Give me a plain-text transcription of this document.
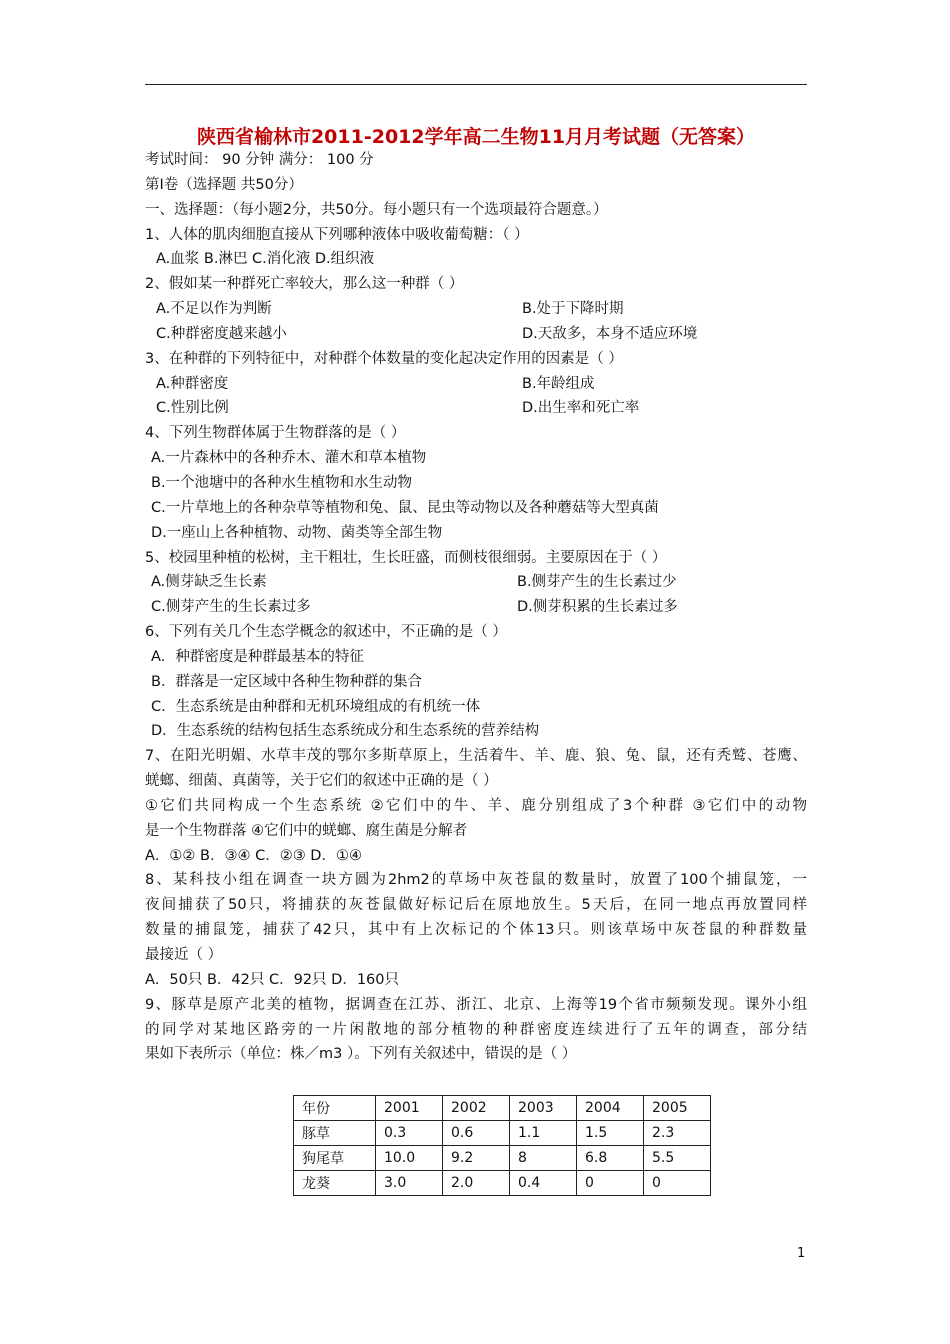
陕西省榆林市2011-2012学年高二生物11月月考试题（无答案）
考试时间： 90 分钟 满分： 100 分
第Ⅰ卷（选择题 共50分）
一、选择题：（每小题2分，共50分。每小题只有一个选项最符合题意。）
1、人体的肌肉细胞直接从下列哪种液体中吸收葡萄糖：（ ）
A.血浆 B.淋巴 C.消化液 D.组织液
2、假如某一种群死亡率较大，那么这一种群（ ）
A.不足以作为判断	B.处于下降时期
C.种群密度越来越小	D.天敌多，本身不适应环境
3、在种群的下列特征中，对种群个体数量的变化起决定作用的因素是（ ）
A.种群密度	B.年龄组成
C.性别比例	D.出生率和死亡率
4、下列生物群体属于生物群落的是（ ）
A.一片森林中的各种乔木、灌木和草本植物
B.一个池塘中的各种水生植物和水生动物
C.一片草地上的各种杂草等植物和兔、鼠、昆虫等动物以及各种蘑菇等大型真菌
D.一座山上各种植物、动物、菌类等全部生物
5、校园里种植的松树，主干粗壮，生长旺盛，而侧枝很细弱。主要原因在于（ ）
A.侧芽缺乏生长素	B.侧芽产生的生长素过少
C.侧芽产生的生长素过多	D.侧芽积累的生长素过多
6、下列有关几个生态学概念的叙述中，不正确的是（ ）
A．种群密度是种群最基本的特征
B．群落是一定区域中各种生物种群的集合
C．生态系统是由种群和无机环境组成的有机统一体
D．生态系统的结构包括生态系统成分和生态系统的营养结构
7、在阳光明媚、水草丰茂的鄂尔多斯草原上，生活着牛、羊、鹿、狼、兔、鼠，还有秃鹫、苍鹰、
蜣螂、细菌、真菌等，关于它们的叙述中正确的是（ ）
①它们共同构成一个生态系统 ②它们中的牛、羊、鹿分别组成了3个种群 ③它们中的动物
是一个生物群落 ④它们中的蜣螂、腐生菌是分解者
A．①② B．③④ C．②③ D．①④
8、某科技小组在调查一块方圆为2hm2的草场中灰苍鼠的数量时，放置了100个捕鼠笼，一
夜间捕获了50只，将捕获的灰苍鼠做好标记后在原地放生。5天后，在同一地点再放置同样
数量的捕鼠笼，捕获了42只，其中有上次标记的个体13只。则该草场中灰苍鼠的种群数量
最接近（ ）
A．50只 B．42只 C．92只 D．160只
9、豚草是原产北美的植物，据调查在江苏、浙江、北京、上海等19个省市频频发现。课外小组
的同学对某地区路旁的一片闲散地的部分植物的种群密度连续进行了五年的调查，部分结
果如下表所示（单位：株／m3 ）。下列有关叙述中，错误的是（ ）
年份	2001	2002	2003	2004	2005
豚草	0.3	0.6	1.1	1.5	2.3
狗尾草	10.0	9.2	8	6.8	5.5
龙葵	3.0	2.0	0.4	0	0
1
